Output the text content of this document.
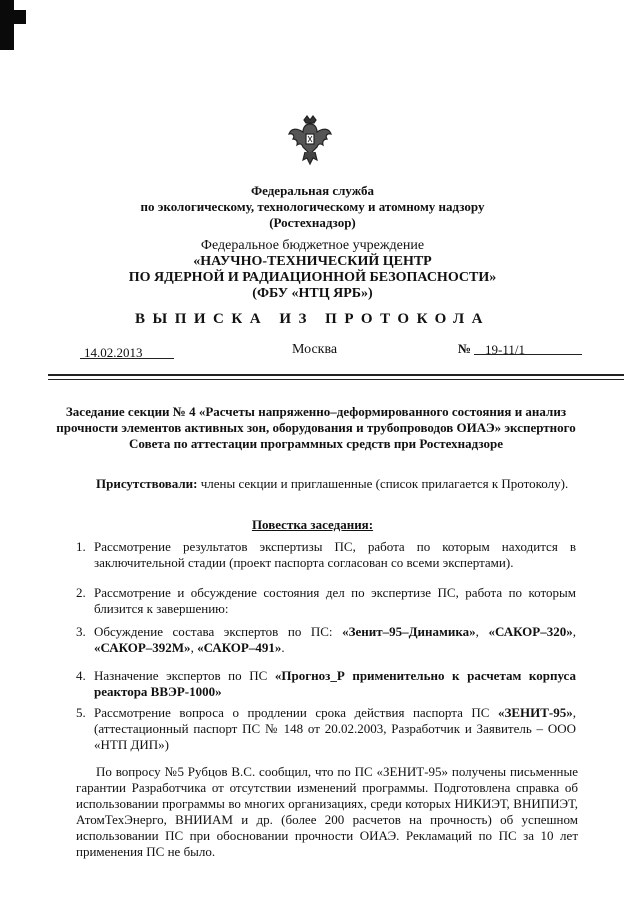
Федеральная служба
по экологическому, технологическому и атомному надзору
(Ростехнадзор)
Федеральное бюджетное учреждение
«НАУЧНО-ТЕХНИЧЕСКИЙ ЦЕНТР
ПО ЯДЕРНОЙ И РАДИАЦИОННОЙ БЕЗОПАСНОСТИ»
(ФБУ «НТЦ ЯРБ»)
ВЫПИСКА ИЗ ПРОТОКОЛА
14.02.2013	Москва	№ 19-11/1
Заседание секции № 4 «Расчеты напряженно–деформированного состояния и анализ
прочности элементов активных зон, оборудования и трубопроводов ОИАЭ» экспертного
Совета по аттестации программных средств при Ростехнадзоре
Присутствовали: члены секции и приглашенные (список прилагается к Протоколу).
Повестка заседания:
1. Рассмотрение результатов экспертизы ПС, работа по которым находится в заключительной стадии (проект паспорта согласован со всеми экспертами).
2. Рассмотрение и обсуждение состояния дел по экспертизе ПС, работа по которым близится к завершению:
3. Обсуждение состава экспертов по ПС: «Зенит–95–Динамика», «САКОР–320», «САКОР–392М», «САКОР–491».
4. Назначение экспертов по ПС «Прогноз_Р применительно к расчетам корпуса реактора ВВЭР-1000»
5. Рассмотрение вопроса о продлении срока действия паспорта ПС «ЗЕНИТ-95», (аттестационный паспорт ПС № 148 от 20.02.2003, Разработчик и Заявитель – ООО «НТП ДИП»)
По вопросу №5 Рубцов В.С. сообщил, что по ПС «ЗЕНИТ-95» получены письменные гарантии Разработчика от отсутствии изменений программы. Подготовлена справка об использовании программы во многих организациях, среди которых НИКИЭТ, ВНИПИЭТ, АтомТехЭнерго, ВНИИАМ и др. (более 200 расчетов на прочность) об успешном использовании ПС при обосновании прочности ОИАЭ. Рекламаций по ПС за 10 лет применения ПС не было.
